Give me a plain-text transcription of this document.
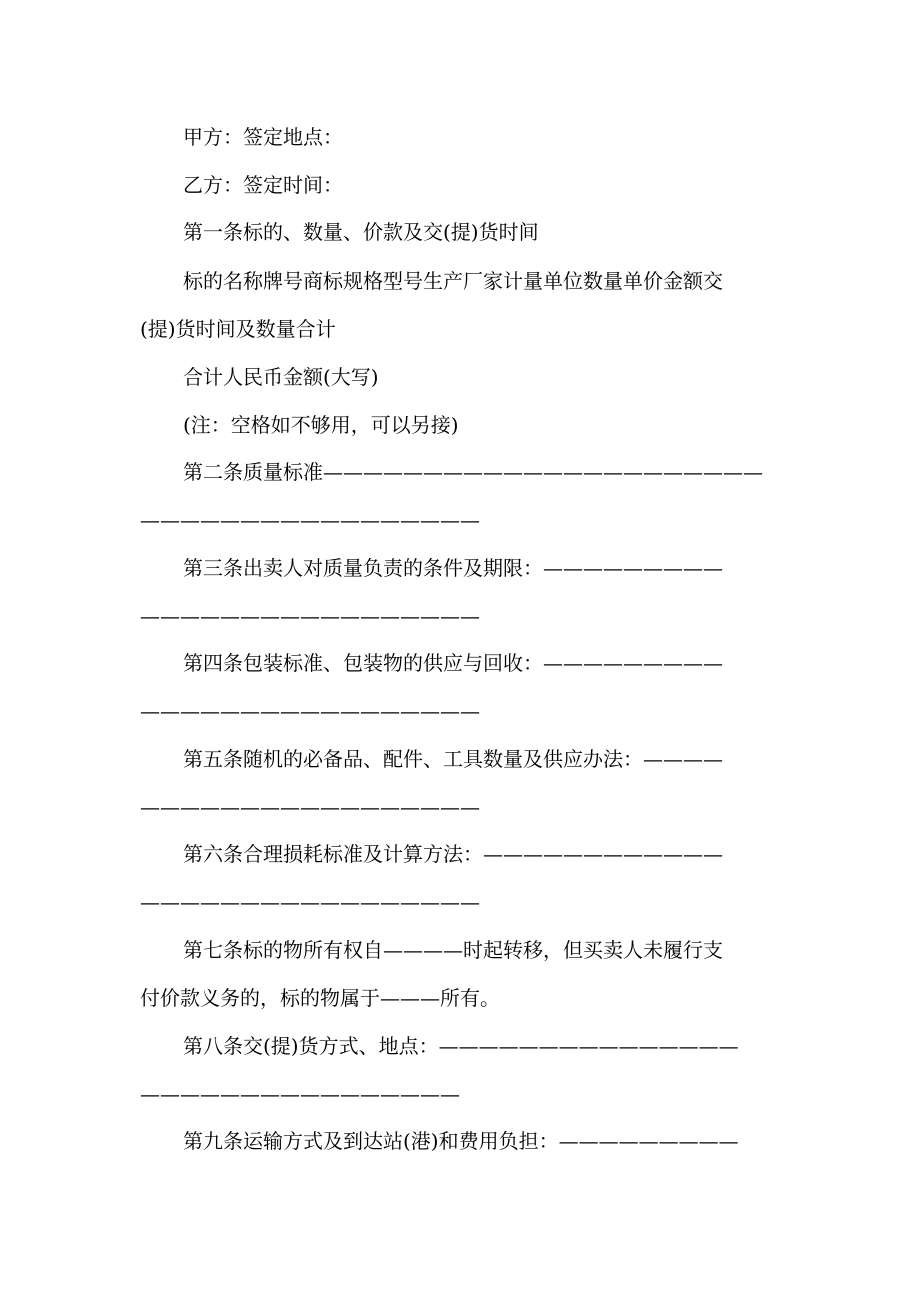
甲方：签定地点：
乙方：签定时间：
第一条标的、数量、价款及交(提)货时间
标的名称牌号商标规格型号生产厂家计量单位数量单价金额交
(提)货时间及数量合计
合计人民币金额(大写)
(注：空格如不够用，可以另接)
第二条质量标准——————————————————————
—————————————————
第三条出卖人对质量负责的条件及期限：—————————
—————————————————
第四条包装标准、包装物的供应与回收：—————————
—————————————————
第五条随机的必备品、配件、工具数量及供应办法：————
—————————————————
第六条合理损耗标准及计算方法：————————————
—————————————————
第七条标的物所有权自————时起转移，但买卖人未履行支
付价款义务的，标的物属于———所有。
第八条交(提)货方式、地点：———————————————
————————————————
第九条运输方式及到达站(港)和费用负担：—————————
